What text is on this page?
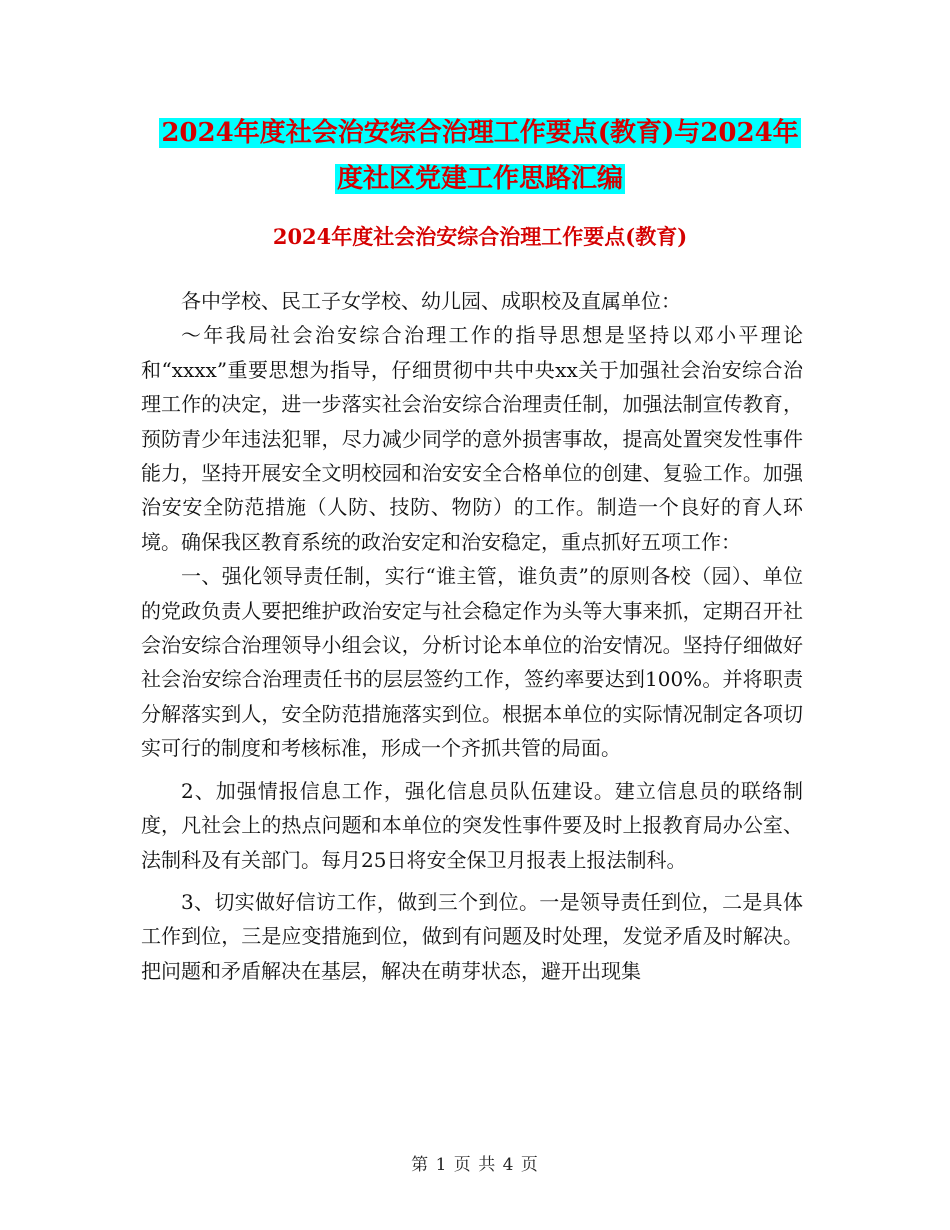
2024年度社会治安综合治理工作要点(教育)与2024年
度社区党建工作思路汇编
2024年度社会治安综合治理工作要点(教育)

各中学校、民工子女学校、幼儿园、成职校及直属单位：

～年我局社会治安综合治理工作的指导思想是坚持以邓小平理论和“xxxx”重要思想为指导，仔细贯彻中共中央xx关于加强社会治安综合治理工作的决定，进一步落实社会治安综合治理责任制，加强法制宣传教育，预防青少年违法犯罪，尽力减少同学的意外损害事故，提高处置突发性事件能力，坚持开展安全文明校园和治安安全合格单位的创建、复验工作。加强治安安全防范措施（人防、技防、物防）的工作。制造一个良好的育人环境。确保我区教育系统的政治安定和治安稳定，重点抓好五项工作：

一、强化领导责任制，实行“谁主管，谁负责”的原则各校（园）、单位的党政负责人要把维护政治安定与社会稳定作为头等大事来抓，定期召开社会治安综合治理领导小组会议，分析讨论本单位的治安情况。坚持仔细做好社会治安综合治理责任书的层层签约工作，签约率要达到100%。并将职责分解落实到人，安全防范措施落实到位。根据本单位的实际情况制定各项切实可行的制度和考核标准，形成一个齐抓共管的局面。

2、加强情报信息工作，强化信息员队伍建设。建立信息员的联络制度，凡社会上的热点问题和本单位的突发性事件要及时上报教育局办公室、法制科及有关部门。每月25日将安全保卫月报表上报法制科。

3、切实做好信访工作，做到三个到位。一是领导责任到位，二是具体工作到位，三是应变措施到位，做到有问题及时处理，发觉矛盾及时解决。把问题和矛盾解决在基层，解决在萌芽状态，避开出现集

第 1 页 共 4 页
